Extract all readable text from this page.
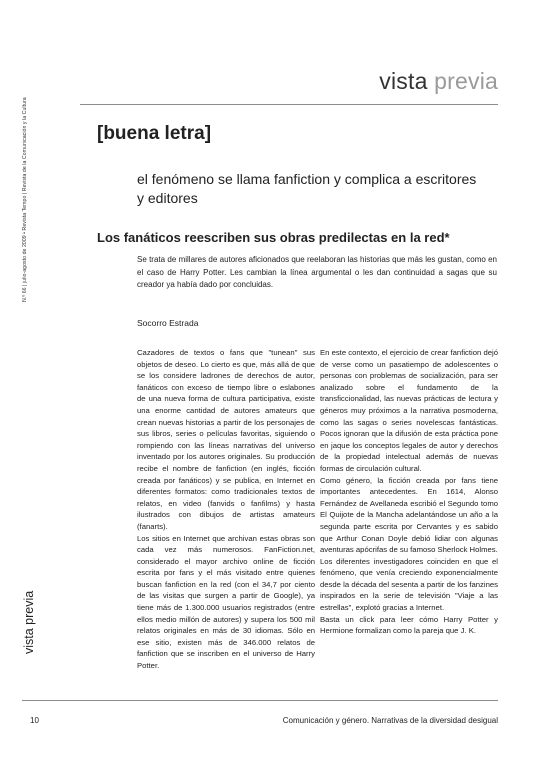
N.º 66 | julio-agosto de 2009 • Revista Tempo | Revista de la Comunicación y la Cultura
vista previa
[buena letra]
el fenómeno se llama fanfiction y complica a escritores y editores
Los fanáticos reescriben sus obras predilectas en la red*
Se trata de millares de autores aficionados que reelaboran las historias que más les gustan, como en el caso de Harry Potter. Les cambian la línea argumental o les dan continuidad a sagas que su creador ya había dado por concluidas.
Socorro Estrada

Cazadores de textos o fans que "tunean" sus objetos de deseo. Lo cierto es que, más allá de que se los considere ladrones de derechos de autor, fanáticos con exceso de tiempo libre o eslabones de una nueva forma de cultura participativa, existe una enorme cantidad de autores amateurs que crean nuevas historias a partir de los personajes de sus libros, series o películas favoritas, siguiendo o rompiendo con las líneas narrativas del universo inventado por los autores originales. Su producción recibe el nombre de fanfiction (en inglés, ficción creada por fanáticos) y se publica, en Internet en diferentes formatos: como tradicionales textos de relatos, en video (fanvids o fanfilms) y hasta ilustrados con dibujos de artistas amateurs (fanarts).

Los sitios en Internet que archivan estas obras son cada vez más numerosos. FanFiction.net, considerado el mayor archivo online de ficción escrita por fans y el más visitado entre quienes buscan fanfiction en la red (con el 34,7 por ciento de las visitas que surgen a partir de Google), ya tiene más de 1.300.000 usuarios registrados (entre ellos medio millón de autores) y supera los 500 mil relatos originales en más de 30 idiomas. Sólo en ese sitio, existen más de 346.000 relatos de fanfiction que se inscriben en el universo de Harry Potter.

En este contexto, el ejercicio de crear fanfiction dejó de verse como un pasatiempo de adolescentes o personas con problemas de socialización, para ser analizado sobre el fundamento de la transficcionalidad, las nuevas prácticas de lectura y géneros muy próximos a la narrativa posmoderna, como las sagas o series novelescas fantásticas. Pocos ignoran que la difusión de esta práctica pone en jaque los conceptos legales de autor y derechos de la propiedad intelectual además de nuevas formas de circulación cultural.

Como género, la ficción creada por fans tiene importantes antecedentes. En 1614, Alonso Fernández de Avellaneda escribió el Segundo tomo El Quijote de la Mancha adelantándose un año a la segunda parte escrita por Cervantes y es sabido que Arthur Conan Doyle debió lidiar con algunas aventuras apócrifas de su famoso Sherlock Holmes.

Los diferentes investigadores coinciden en que el fenómeno, que venía creciendo exponencialmente desde la década del sesenta a partir de los fanzines inspirados en la serie de televisión "Viaje a las estrellas", explotó gracias a Internet.

Basta un click para leer cómo Harry Potter y Hermione formalizan como la pareja que J. K.

vista previa
10	Comunicación y género. Narrativas de la diversidad desigual
